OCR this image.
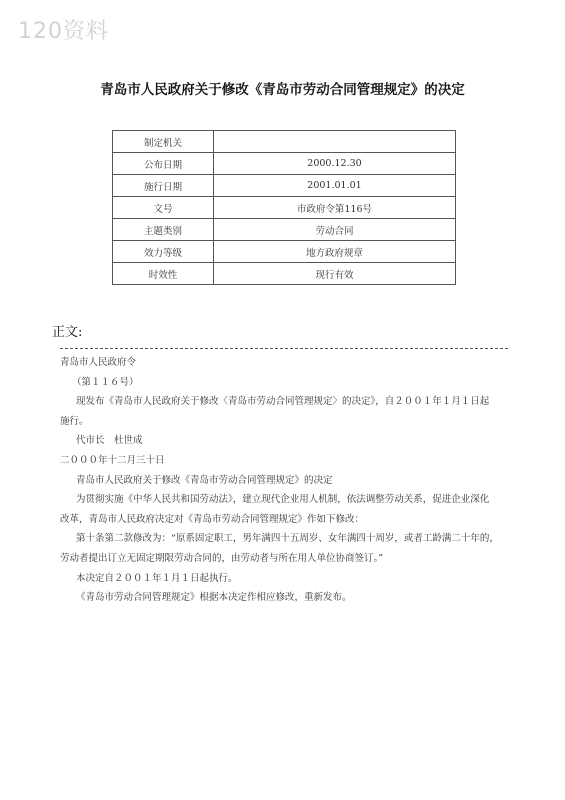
120资料
青岛市人民政府关于修改《青岛市劳动合同管理规定》的决定
制定机关	
公布日期	2000.12.30
施行日期	2001.01.01
文号	市政府令第116号
主题类别	劳动合同
效力等级	地方政府规章
时效性	现行有效
正文:

青岛市人民政府令

（第１１６号）

现发布《青岛市人民政府关于修改〈青岛市劳动合同管理规定〉的决定》，自２００１年１月１日起

施行。

代市长　杜世成

二０００年十二月三十日

青岛市人民政府关于修改《青岛市劳动合同管理规定》的决定

为贯彻实施《中华人民共和国劳动法》，建立现代企业用人机制，依法调整劳动关系，促进企业深化

改革，青岛市人民政府决定对《青岛市劳动合同管理规定》作如下修改：

第十条第二款修改为：“原系固定职工，男年满四十五周岁、女年满四十周岁，或者工龄满二十年的，

劳动者提出订立无固定期限劳动合同的，由劳动者与所在用人单位协商签订。”

本决定自２００１年１月１日起执行。

《青岛市劳动合同管理规定》根据本决定作相应修改，重新发布。
